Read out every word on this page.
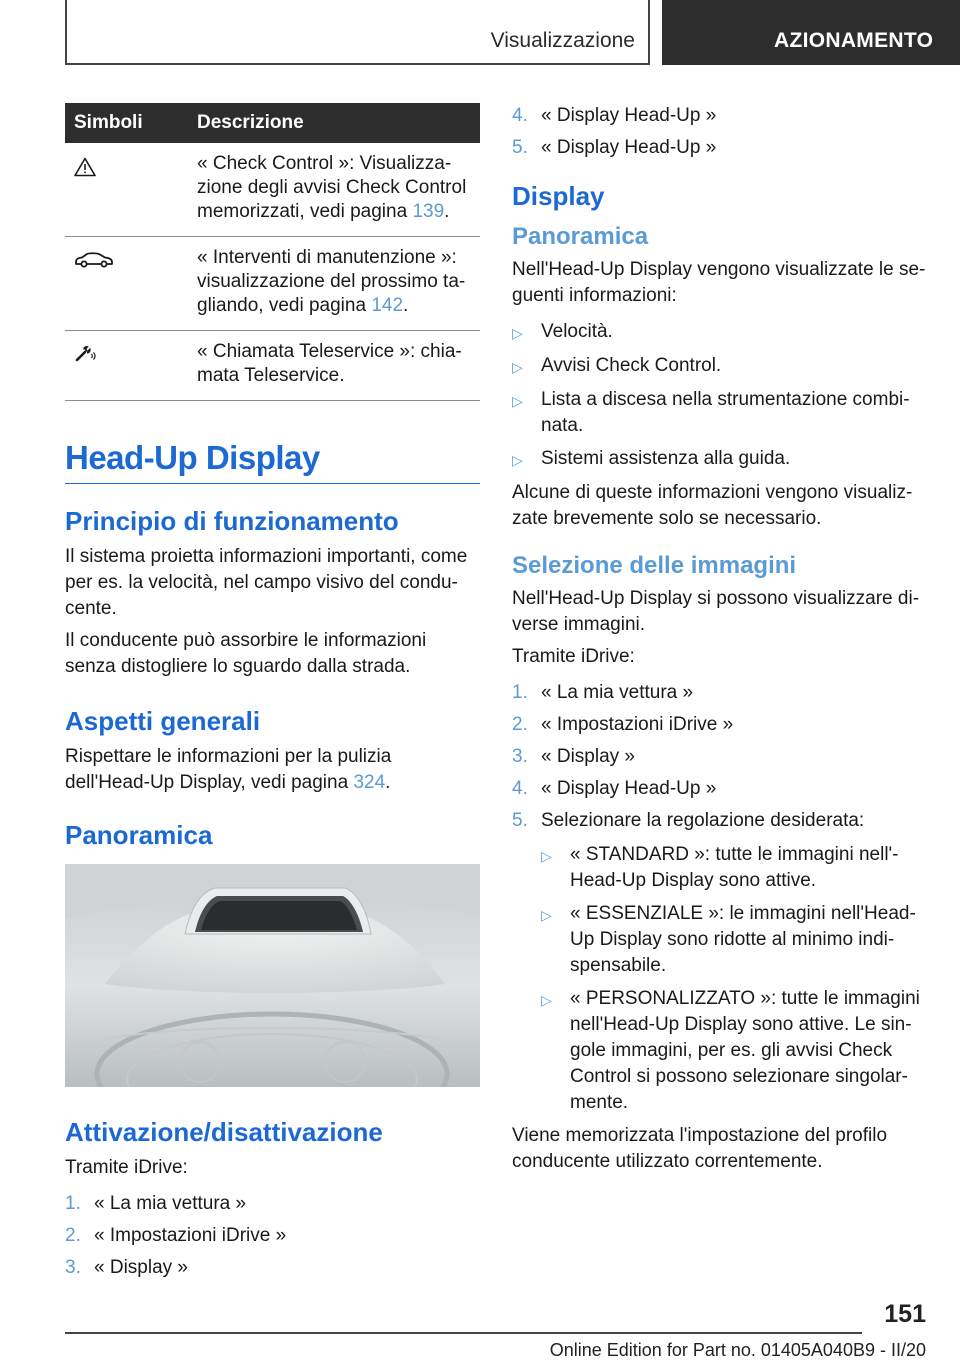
Visualizzazione	AZIONAMENTO
Simboli	Descrizione
« Check Control »: Visualizza-zione degli avvisi Check Control memorizzati, vedi pagina 139.
« Interventi di manutenzione »: visualizzazione del prossimo ta-gliando, vedi pagina 142.
« Chiamata Teleservice »: chia-mata Teleservice.
Head-Up Display
Principio di funzionamento

Il sistema proietta informazioni importanti, come per es. la velocità, nel campo visivo del condu-cente.

Il conducente può assorbire le informazioni senza distogliere lo sguardo dalla strada.

Aspetti generali

Rispettare le informazioni per la pulizia dell'Head-Up Display, vedi pagina 324.

Panoramica
Attivazione/disattivazione

Tramite iDrive:

1. « La mia vettura »
2. « Impostazioni iDrive »
3. « Display »
4. « Display Head-Up »
5. « Display Head-Up »
Display
Panoramica

Nell'Head-Up Display vengono visualizzate le se-guenti informazioni:

▷ Velocità.
▷ Avvisi Check Control.
▷ Lista a discesa nella strumentazione combi-nata.
▷ Sistemi assistenza alla guida.

Alcune di queste informazioni vengono visualiz-zate brevemente solo se necessario.

Selezione delle immagini

Nell'Head-Up Display si possono visualizzare di-verse immagini.

Tramite iDrive:

1. « La mia vettura »
2. « Impostazioni iDrive »
3. « Display »
4. « Display Head-Up »
5. Selezionare la regolazione desiderata:
▷ « STANDARD »: tutte le immagini nell'-Head-Up Display sono attive.
▷ « ESSENZIALE »: le immagini nell'Head-Up Display sono ridotte al minimo indi-spensabile.
▷ « PERSONALIZZATO »: tutte le immagini nell'Head-Up Display sono attive. Le sin-gole immagini, per es. gli avvisi Check Control si possono selezionare singolar-mente.

Viene memorizzata l'impostazione del profilo conducente utilizzato correntemente.

151
Online Edition for Part no. 01405A040B9 - II/20
